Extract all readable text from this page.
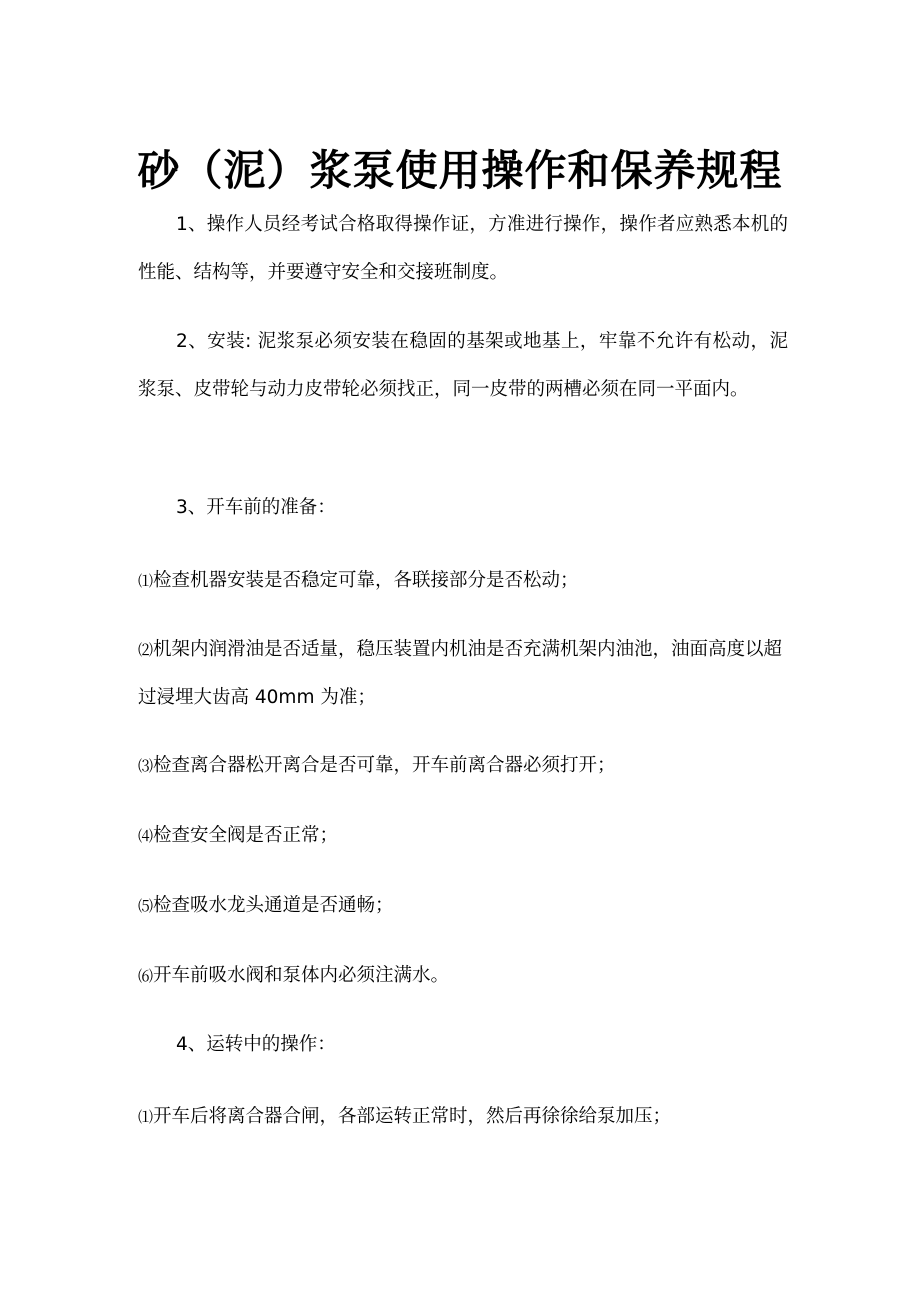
砂（泥）浆泵使用操作和保养规程

1、操作人员经考试合格取得操作证，方准进行操作，操作者应熟悉本机的性能、结构等，并要遵守安全和交接班制度。

2、安装: 泥浆泵必须安装在稳固的基架或地基上，牢靠不允许有松动，泥浆泵、皮带轮与动力皮带轮必须找正，同一皮带的两槽必须在同一平面内。

3、开车前的准备：

⑴检查机器安装是否稳定可靠，各联接部分是否松动；

⑵机架内润滑油是否适量，稳压装置内机油是否充满机架内油池，油面高度以超过浸埋大齿高 40mm 为准；

⑶检查离合器松开离合是否可靠，开车前离合器必须打开；

⑷检查安全阀是否正常；

⑸检查吸水龙头通道是否通畅；

⑹开车前吸水阀和泵体内必须注满水。

4、运转中的操作：

⑴开车后将离合器合闸，各部运转正常时，然后再徐徐给泵加压；
